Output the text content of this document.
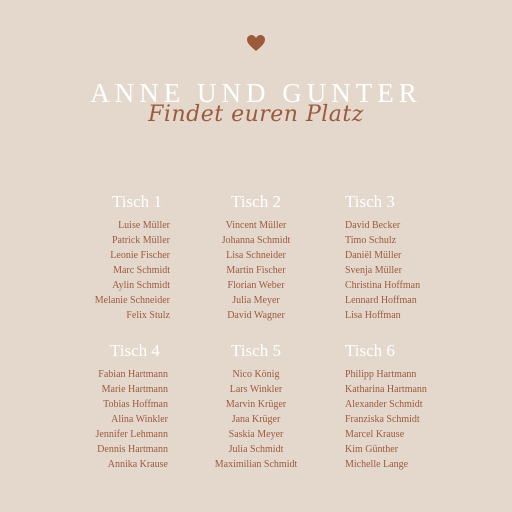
ANNE UND GUNTER
Findet euren Platz
Tisch 1
Luise Müller
Patrick Müller
Leonie Fischer
Marc Schmidt
Aylin Schmidt
Melanie Schneider
Felix Stulz
Tisch 2
Vincent Müller
Johanna Schmidt
Lisa Schneider
Martin Fischer
Florian Weber
Julia Meyer
David Wagner
Tisch 3
David Becker
Timo Schulz
Daniël Müller
Svenja Müller
Christina Hoffman
Lennard Hoffman
Lisa Hoffman
Tisch 4
Fabian Hartmann
Marie Hartmann
Tobias Hoffman
Alina Winkler
Jennifer Lehmann
Dennis Hartmann
Annika Krause
Tisch 5
Nico König
Lars Winkler
Marvin Krüger
Jana Krüger
Saskia Meyer
Julia Schmidt
Maximilian Schmidt
Tisch 6
Philipp Hartmann
Katharina Hartmann
Alexander Schmidt
Franziska Schmidt
Marcel Krause
Kim Günther
Michelle Lange
